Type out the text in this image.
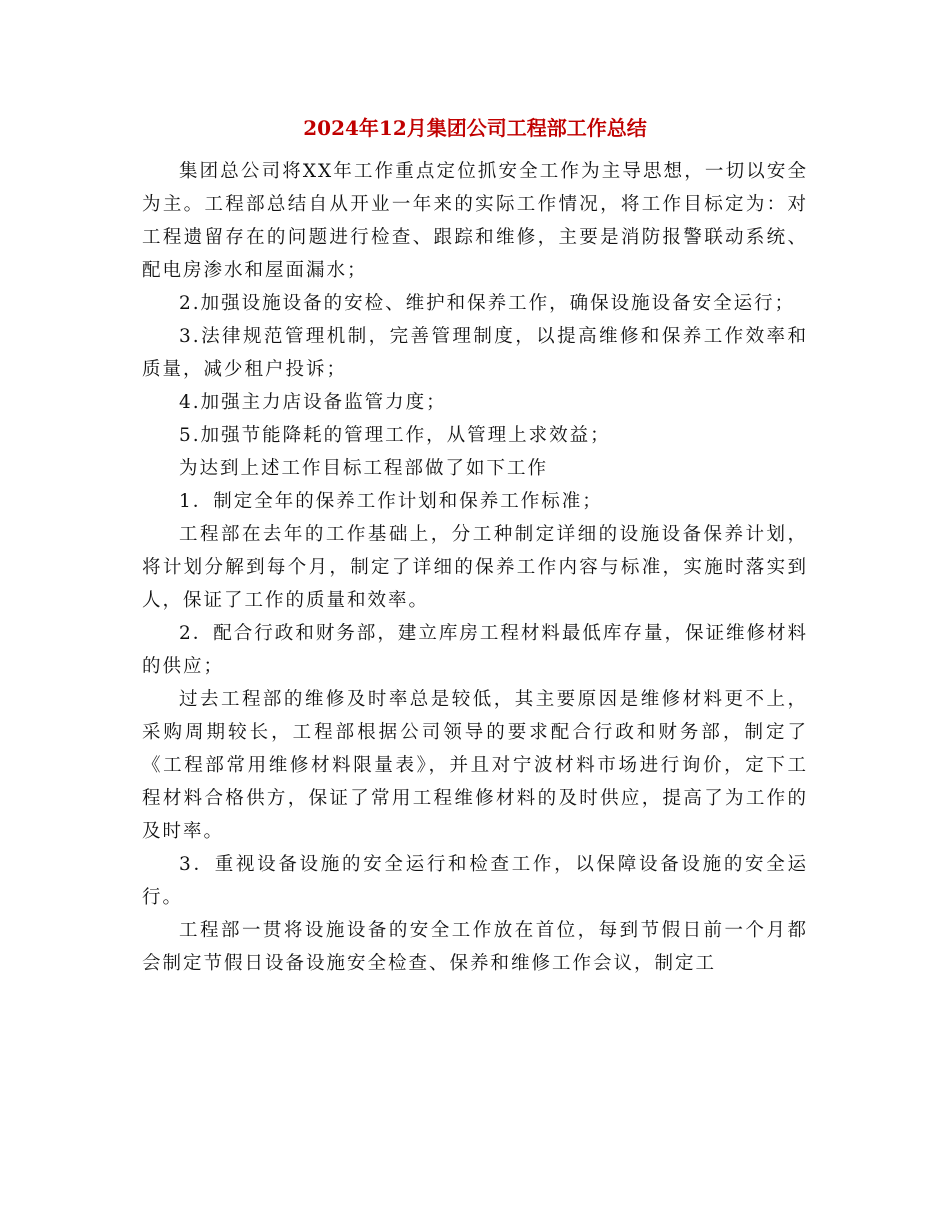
2024年12月集团公司工程部工作总结

集团总公司将XX年工作重点定位抓安全工作为主导思想，一切以安全为主。工程部总结自从开业一年来的实际工作情况，将工作目标定为：对工程遗留存在的问题进行检查、跟踪和维修，主要是消防报警联动系统、配电房渗水和屋面漏水；

2.加强设施设备的安检、维护和保养工作，确保设施设备安全运行；

3.法律规范管理机制，完善管理制度，以提高维修和保养工作效率和质量，减少租户投诉；

4.加强主力店设备监管力度；

5.加强节能降耗的管理工作，从管理上求效益；

为达到上述工作目标工程部做了如下工作

1．制定全年的保养工作计划和保养工作标准；

工程部在去年的工作基础上，分工种制定详细的设施设备保养计划，将计划分解到每个月，制定了详细的保养工作内容与标准，实施时落实到人，保证了工作的质量和效率。

2．配合行政和财务部，建立库房工程材料最低库存量，保证维修材料的供应；

过去工程部的维修及时率总是较低，其主要原因是维修材料更不上，采购周期较长，工程部根据公司领导的要求配合行政和财务部，制定了《工程部常用维修材料限量表》，并且对宁波材料市场进行询价，定下工程材料合格供方，保证了常用工程维修材料的及时供应，提高了为工作的及时率。

3．重视设备设施的安全运行和检查工作，以保障设备设施的安全运行。

工程部一贯将设施设备的安全工作放在首位，每到节假日前一个月都会制定节假日设备设施安全检查、保养和维修工作会议，制定工
